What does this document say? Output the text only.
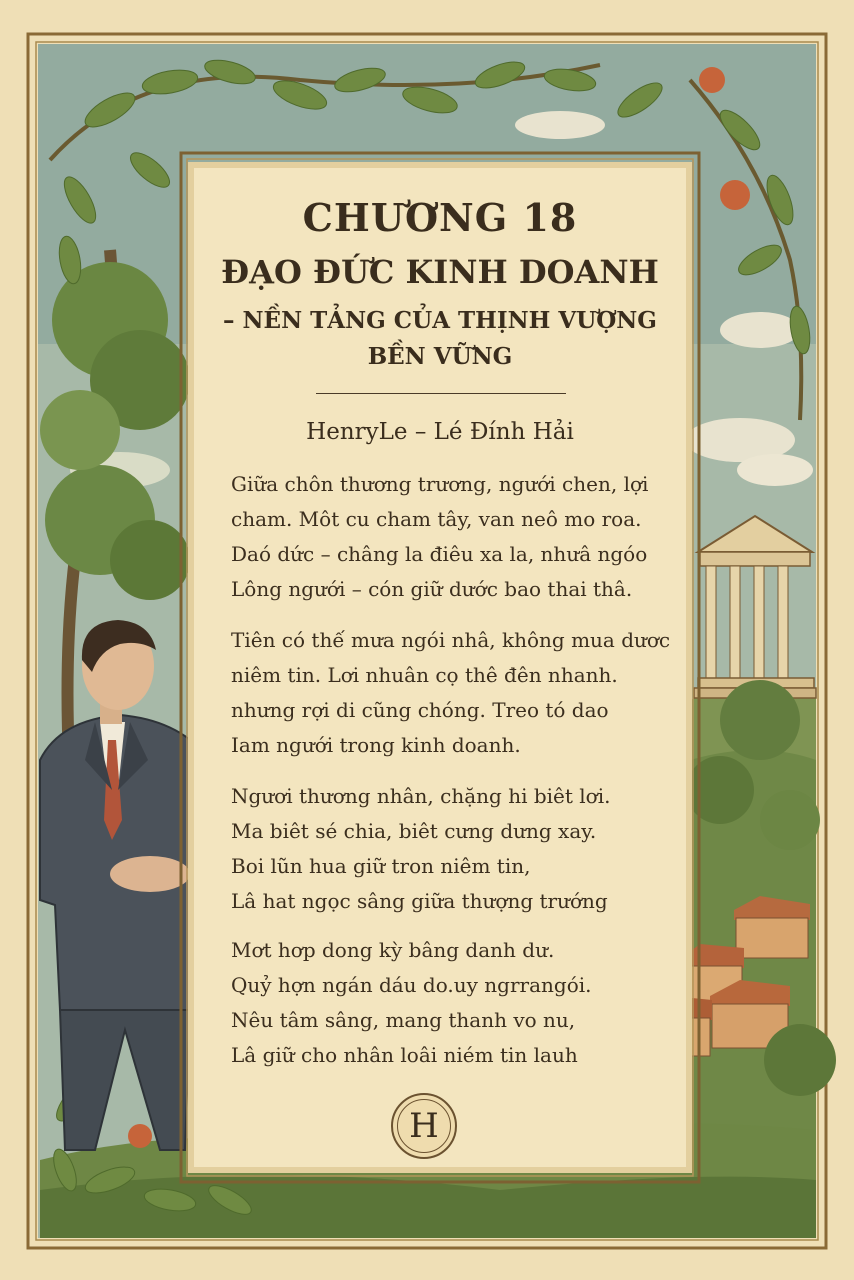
CHƯƠNG 18
ĐẠO ĐỨC KINH DOANH
– NỀN TẢNG CỦA THỊNH VƯỢNG
BỀN VỮNG
HenryLe – Lé Đính Hải

Giữa chôn thương trương, ngưới chen, lợi
cham. Môt cu cham tây, van neô mo roa.
Daó dức – châng la điêu xa la, nhưâ ngóo
Lông ngưới – cón giữ dước bao thai thâ.

Tiên có thế mưa ngói nhâ, không mua dươc
niêm tin. Lơi nhuân cọ thê đên nhanh.
nhưng rợi di cũng chóng. Treo tó dao
Iam ngưới trong kinh doanh.

Ngươi thương nhân, chặng hi biêt lơi.
Ma biêt sé chia, biêt cưng dưng xay.
Boi lũn hua giữ tron niêm tin,
Lâ hat ngọc sâng giữa thượng trướng

Mơt hơp dong kỳ bâng danh dư.
Quỷ hợn ngán dáu do.uy ngrrangói.
Nêu tâm sâng, mang thanh vo nu,
Lâ giữ cho nhân loâi niém tin lauh

H
